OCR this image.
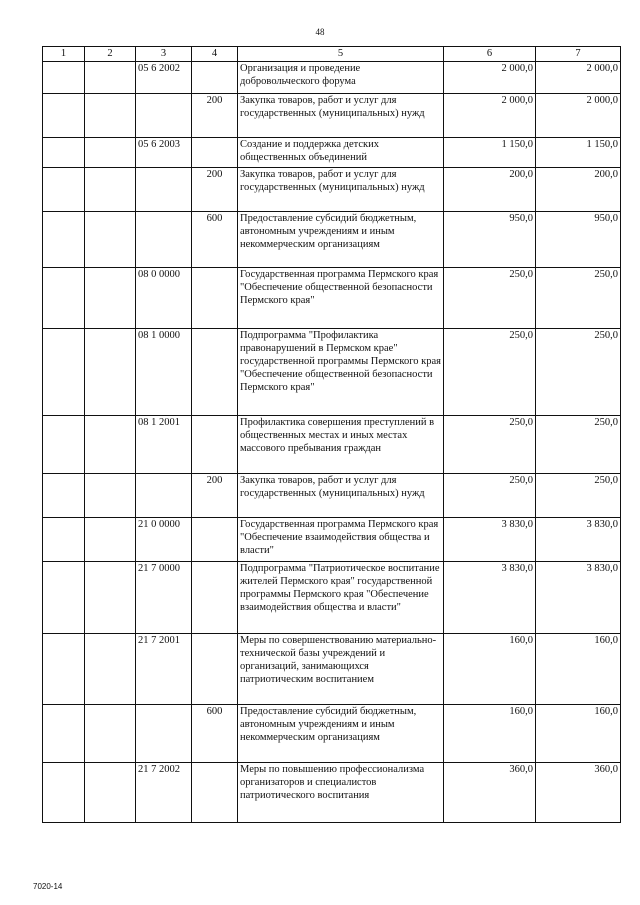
48
1	2	3	4	5	6	7
		05 6 2002		Организация и проведение добровольческого форума	2 000,0	2 000,0
			200	Закупка товаров, работ и услуг для государственных (муниципальных) нужд	2 000,0	2 000,0
		05 6 2003		Создание и поддержка детских общественных объединений	1 150,0	1 150,0
			200	Закупка товаров, работ и услуг для государственных (муниципальных) нужд	200,0	200,0
			600	Предоставление субсидий бюджетным, автономным учреждениям и иным некоммерческим организациям	950,0	950,0
		08 0 0000		Государственная программа Пермского края "Обеспечение общественной безопасности Пермского края"	250,0	250,0
		08 1 0000		Подпрограмма "Профилактика правонарушений в Пермском крае" государственной программы Пермского края "Обеспечение общественной безопасности Пермского края"	250,0	250,0
		08 1 2001		Профилактика совершения преступлений в общественных местах и иных местах массового пребывания граждан	250,0	250,0
			200	Закупка товаров, работ и услуг для государственных (муниципальных) нужд	250,0	250,0
		21 0 0000		Государственная программа Пермского края "Обеспечение взаимодействия общества и власти"	3 830,0	3 830,0
		21 7 0000		Подпрограмма "Патриотическое воспитание жителей Пермского края" государственной программы Пермского края "Обеспечение взаимодействия общества и власти"	3 830,0	3 830,0
		21 7 2001		Меры по совершенствованию материально-технической базы учреждений и организаций, занимающихся патриотическим воспитанием	160,0	160,0
			600	Предоставление субсидий бюджетным, автономным учреждениям и иным некоммерческим организациям	160,0	160,0
		21 7 2002		Меры по повышению профессионализма организаторов и специалистов патриотического воспитания	360,0	360,0
7020-14
